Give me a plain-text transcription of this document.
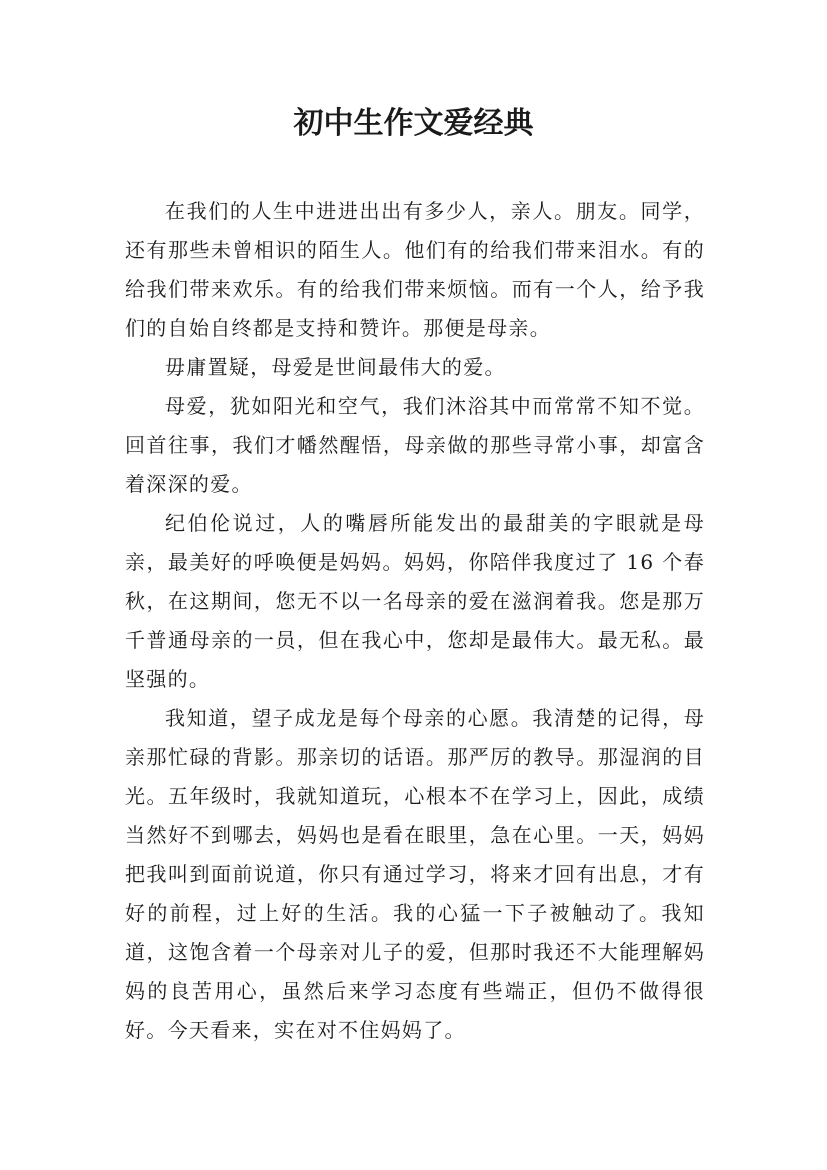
初中生作文爱经典

在我们的人生中进进出出有多少人，亲人。朋友。同学，还有那些未曾相识的陌生人。他们有的给我们带来泪水。有的给我们带来欢乐。有的给我们带来烦恼。而有一个人，给予我们的自始自终都是支持和赞许。那便是母亲。

毋庸置疑，母爱是世间最伟大的爱。

母爱，犹如阳光和空气，我们沐浴其中而常常不知不觉。回首往事，我们才幡然醒悟，母亲做的那些寻常小事，却富含着深深的爱。

纪伯伦说过，人的嘴唇所能发出的最甜美的字眼就是母亲，最美好的呼唤便是妈妈。妈妈，你陪伴我度过了 16 个春秋，在这期间，您无不以一名母亲的爱在滋润着我。您是那万千普通母亲的一员，但在我心中，您却是最伟大。最无私。最坚强的。

我知道，望子成龙是每个母亲的心愿。我清楚的记得，母亲那忙碌的背影。那亲切的话语。那严厉的教导。那湿润的目光。五年级时，我就知道玩，心根本不在学习上，因此，成绩当然好不到哪去，妈妈也是看在眼里，急在心里。一天，妈妈把我叫到面前说道，你只有通过学习，将来才回有出息，才有好的前程，过上好的生活。我的心猛一下子被触动了。我知道，这饱含着一个母亲对儿子的爱，但那时我还不大能理解妈妈的良苦用心，虽然后来学习态度有些端正，但仍不做得很好。今天看来，实在对不住妈妈了。
